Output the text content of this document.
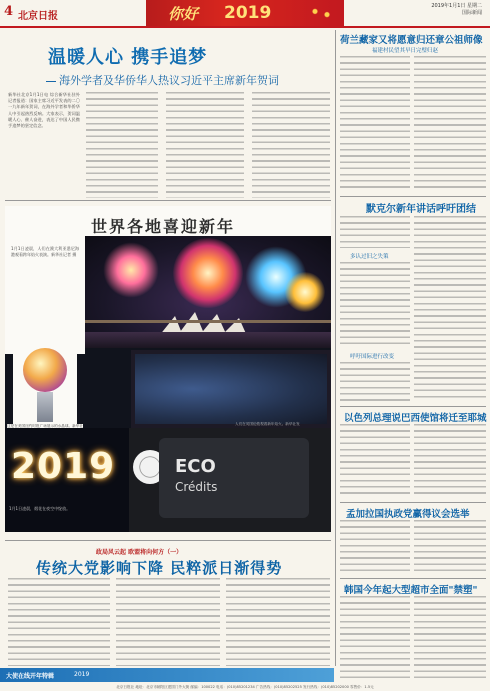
4 北京日报	你好 2019	2019年1月1日 星期二
国际新闻
温暖人心 携手追梦
海外学者及华侨华人热议习近平主席新年贺词
新华社北京1月1日电 综合新华社驻外记者报道：国家主席习近平发表的二〇一九年新年贺词，在海外学者和华侨华人中引起热烈反响。大家表示，贺词温暖人心、催人奋进，表达了中国人民携手追梦的坚定信念。
世界各地喜迎新年
1月1日凌晨，人们在澳大利亚悉尼海港观看跨年焰火表演。新华社记者 摄
这是在美国纽约时报广场展示的水晶球。新华社	人们在英国伦敦观看新年焰火。新华社发
2019
1月1日凌晨，烟花在夜空中绽放。
ECO
Crédits
政局风云起 欧盟将向何方（一）
传统大党影响下降 民粹派日渐得势
大使在线开年特辑	2019
荷兰藏家又将愿意归还章公祖师像
福建村民望其早日完璧归赵
默克尔新年讲话呼吁团结
多认过旧之失策
呼吁国际进行改变
以色列总理说巴西使馆将迁至耶城
孟加拉国执政党赢得议会选举
韩国今年起大型超市全面"禁塑"
北京日报社 地址：北京市朝阳区建国门外大街 邮编：100022 电话：(010)85201234 广告热线：(010)85202525 发行热线：(010)85202000 零售价：1.5元
